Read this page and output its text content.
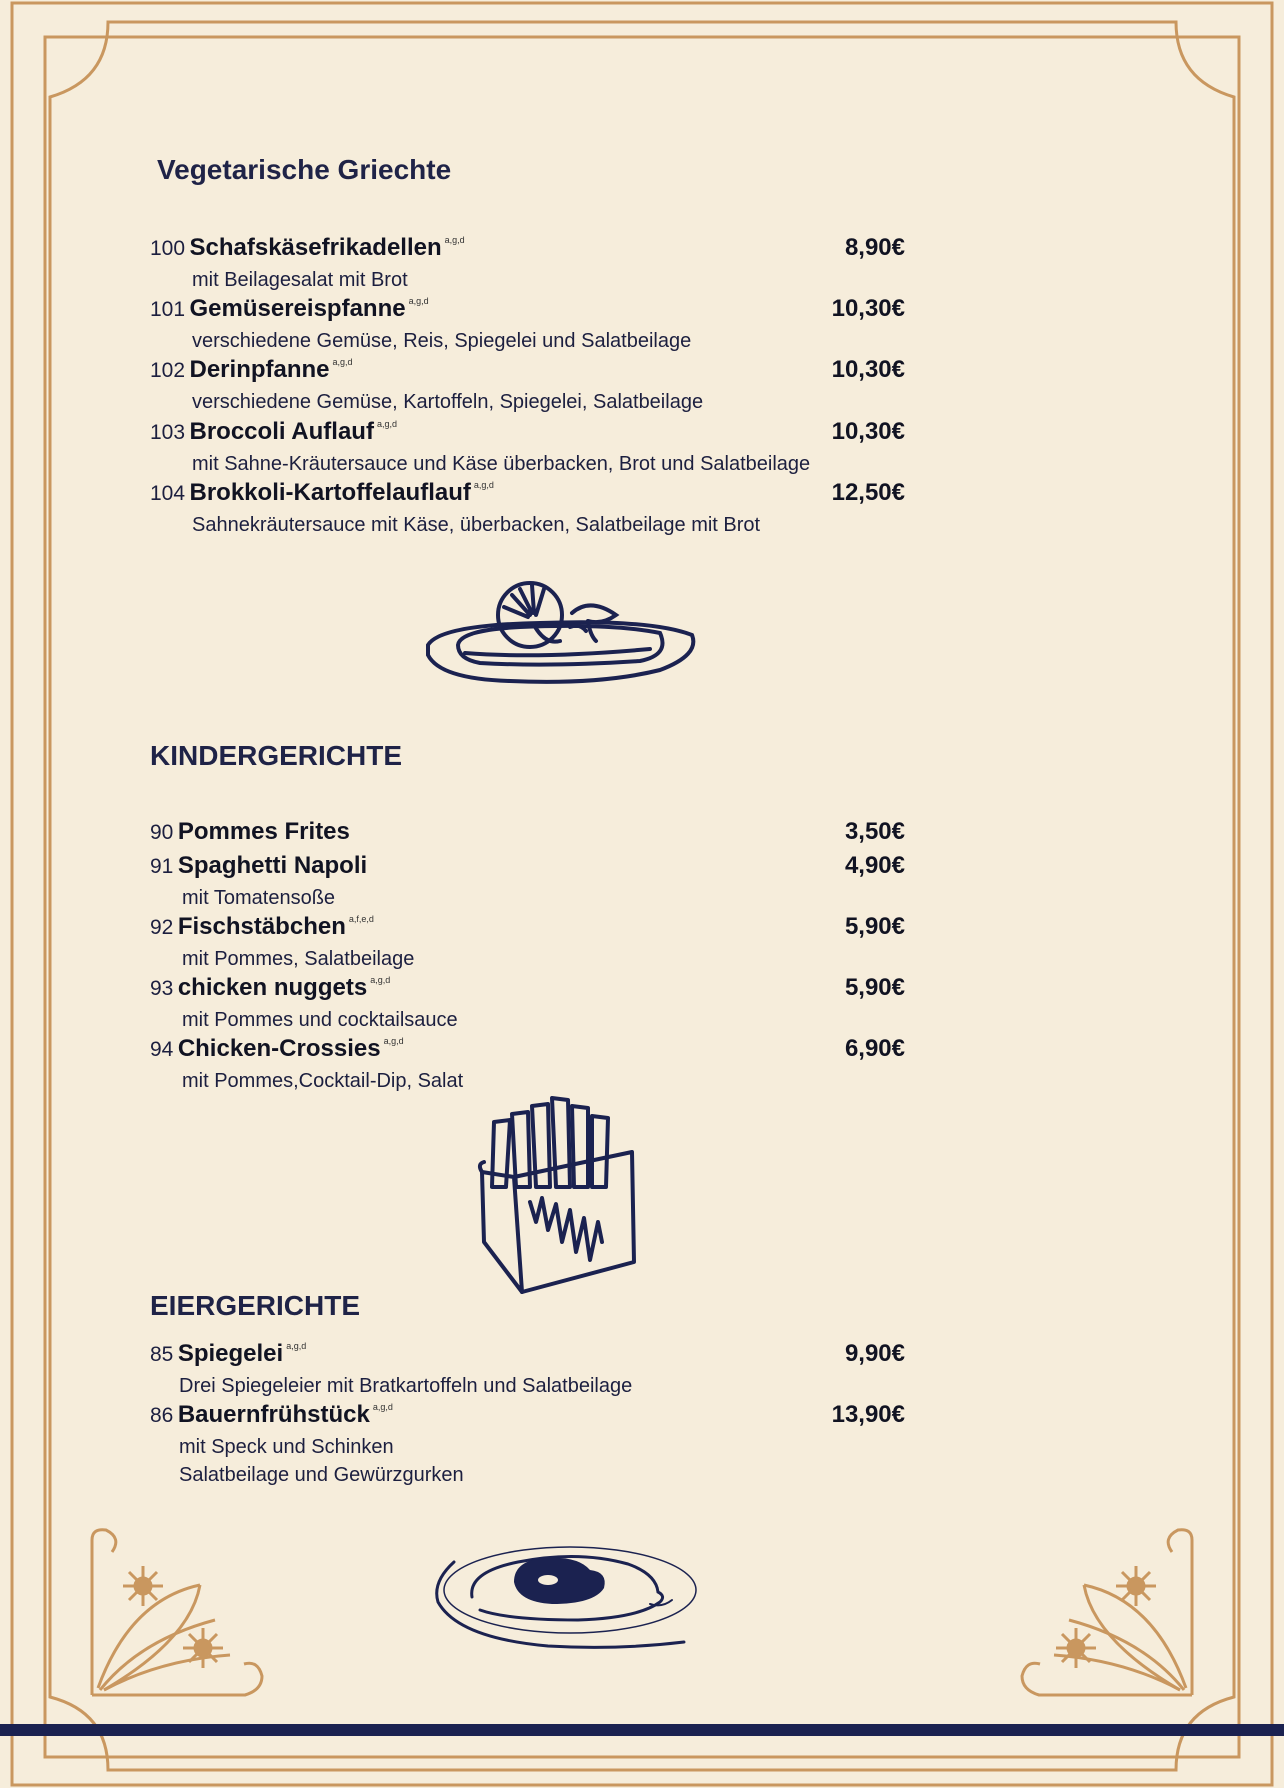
Vegetarische Griechte
100 Schafskäsefrikadellen $^{a,g,d}$	8,90€
mit Beilagesalat mit Brot
101 Gemüsereispfanne $^{a,g,d}$	10,30€
verschiedene Gemüse, Reis, Spiegelei und Salatbeilage
102 Derinpfanne $^{a,g,d}$	10,30€
verschiedene Gemüse, Kartoffeln, Spiegelei, Salatbeilage
103 Broccoli Auflauf $^{a,g,d}$	10,30€
mit Sahne-Kräutersauce und Käse überbacken, Brot und Salatbeilage
104 Brokkoli-Kartoffelauflauf $^{a,g,d}$	12,50€
Sahnekräutersauce mit Käse, überbacken, Salatbeilage mit Brot
KINDERGERICHTE
90 Pommes Frites	3,50€
91 Spaghetti Napoli	4,90€
mit Tomatensoße
92 Fischstäbchen $^{a,f,e,d}$	5,90€
mit Pommes, Salatbeilage
93 chicken nuggets $^{a,g,d}$	5,90€
mit Pommes und cocktailsauce
94 Chicken-Crossies $^{a,g,d}$	6,90€
mit Pommes,Cocktail-Dip, Salat
EIERGERICHTE
85 Spiegelei $^{a,g,d}$	9,90€
Drei Spiegeleier mit Bratkartoffeln und Salatbeilage
86 Bauernfrühstück $^{a,g,d}$	13,90€
mit Speck und Schinken
Salatbeilage und Gewürzgurken
